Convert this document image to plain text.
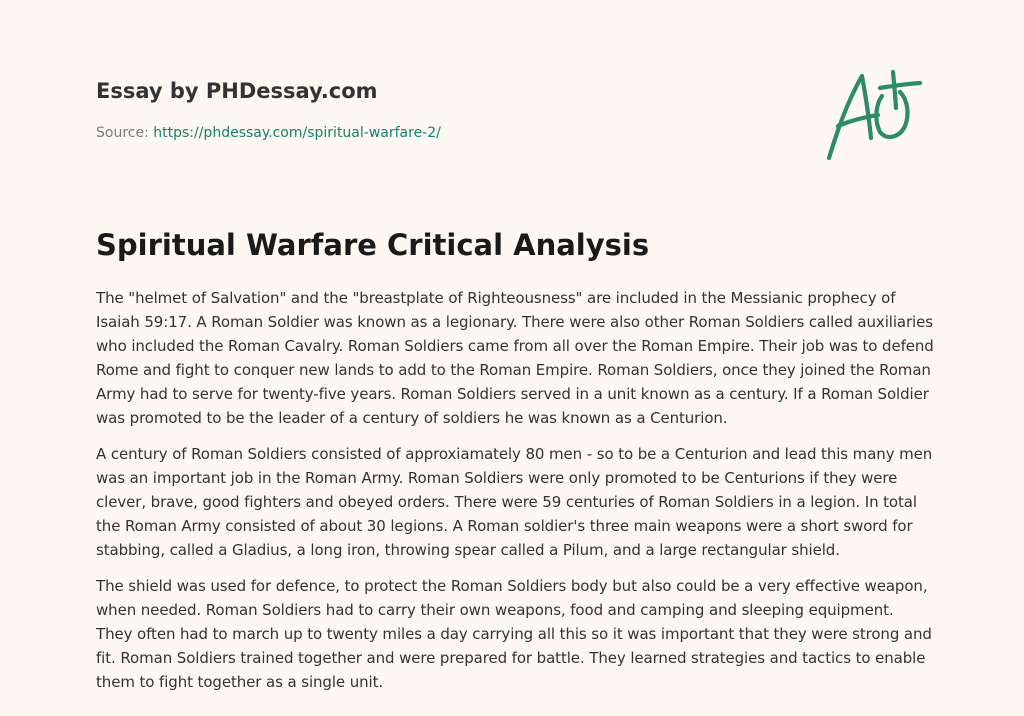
Essay by PHDessay.com

Source: https://phdessay.com/spiritual-warfare-2/

Spiritual Warfare Critical Analysis

The "helmet of Salvation" and the "breastplate of Righteousness" are included in the Messianic prophecy of Isaiah 59:17. A Roman Soldier was known as a legionary. There were also other Roman Soldiers called auxiliaries who included the Roman Cavalry. Roman Soldiers came from all over the Roman Empire. Their job was to defend Rome and fight to conquer new lands to add to the Roman Empire. Roman Soldiers, once they joined the Roman Army had to serve for twenty-five years. Roman Soldiers served in a unit known as a century. If a Roman Soldier was promoted to be the leader of a century of soldiers he was known as a Centurion.

A century of Roman Soldiers consisted of approxiamately 80 men - so to be a Centurion and lead this many men was an important job in the Roman Army. Roman Soldiers were only promoted to be Centurions if they were clever, brave, good fighters and obeyed orders. There were 59 centuries of Roman Soldiers in a legion. In total the Roman Army consisted of about 30 legions. A Roman soldier's three main weapons were a short sword for stabbing, called a Gladius, a long iron, throwing spear called a Pilum, and a large rectangular shield.

The shield was used for defence, to protect the Roman Soldiers body but also could be a very effective weapon, when needed. Roman Soldiers had to carry their own weapons, food and camping and sleeping equipment. They often had to march up to twenty miles a day carrying all this so it was important that they were strong and fit. Roman Soldiers trained together and were prepared for battle. They learned strategies and tactics to enable them to fight together as a single unit.
